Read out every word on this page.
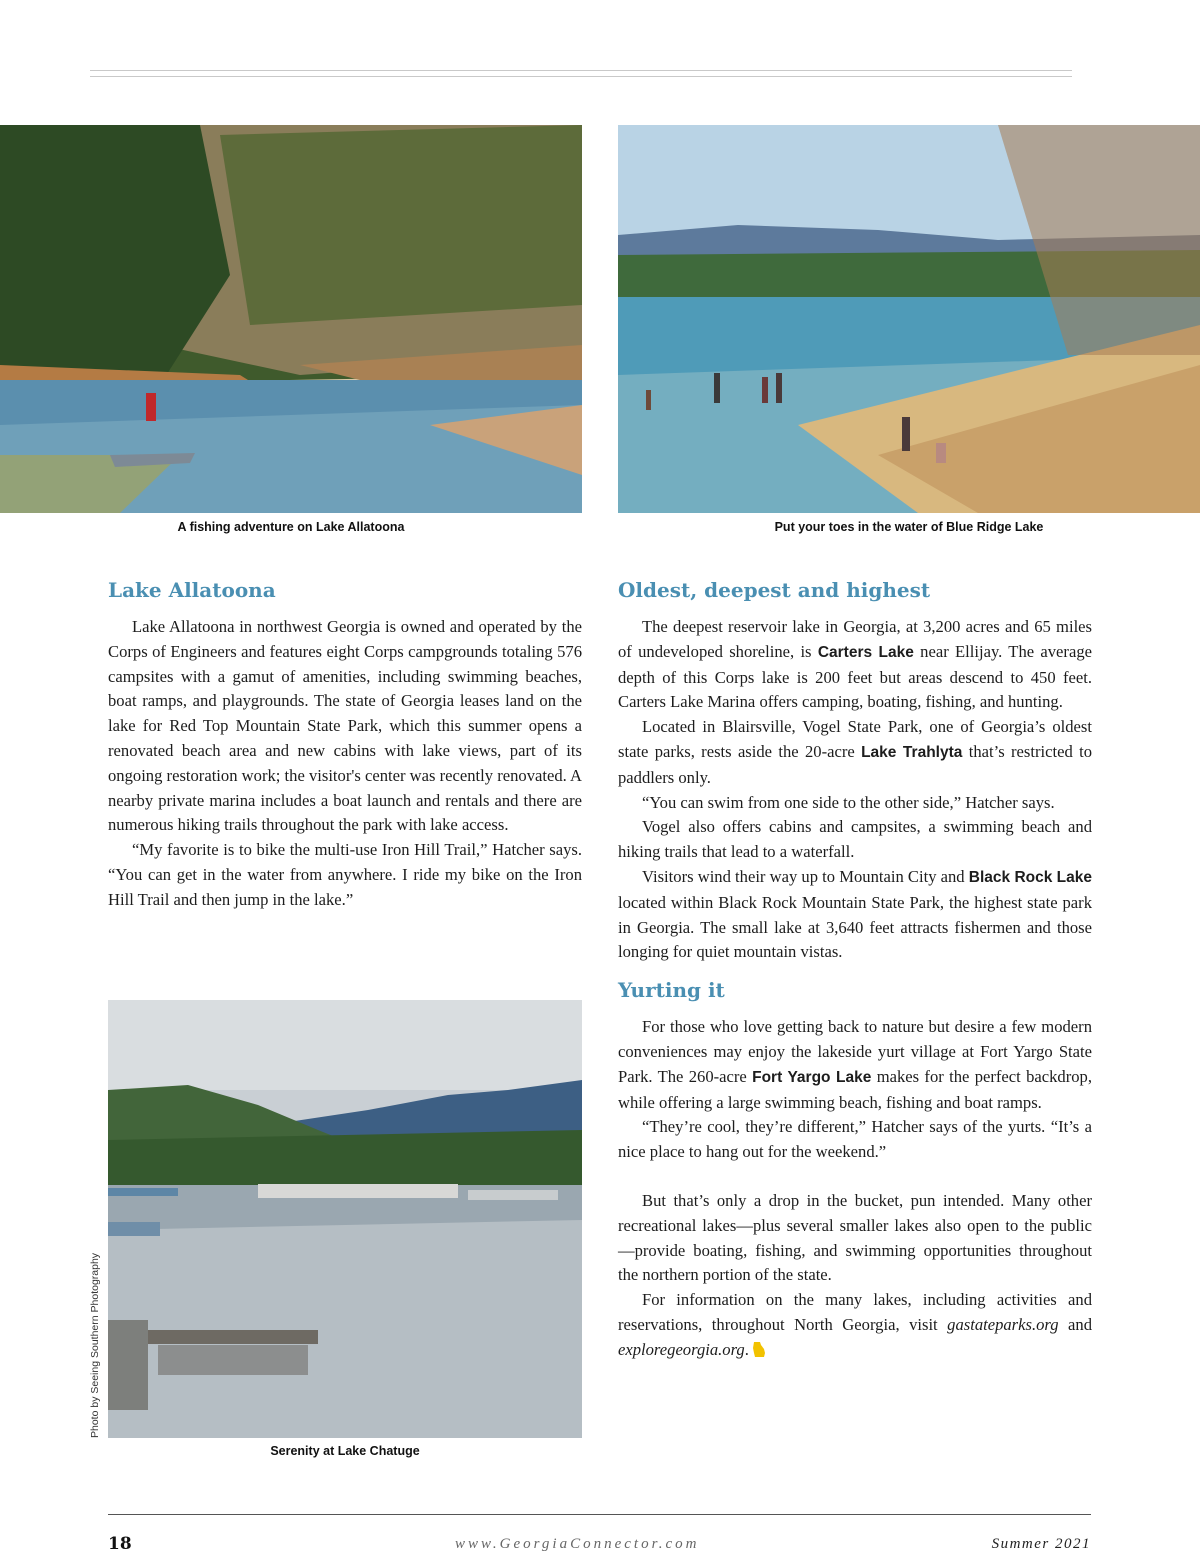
A fishing adventure on Lake Allatoona	Put your toes in the water of Blue Ridge Lake
Lake Allatoona

Lake Allatoona in northwest Georgia is owned and operated by the Corps of Engineers and features eight Corps campgrounds totaling 576 campsites with a gamut of amenities, including swimming beaches, boat ramps, and playgrounds. The state of Georgia leases land on the lake for Red Top Mountain State Park, which this summer opens a renovated beach area and new cabins with lake views, part of its ongoing restoration work; the visitor's center was recently renovated. A nearby private marina includes a boat launch and rentals and there are numerous hiking trails throughout the park with lake access.

“My favorite is to bike the multi-use Iron Hill Trail,” Hatcher says. “You can get in the water from anywhere. I ride my bike on the Iron Hill Trail and then jump in the lake.”

Photo by Seeing Southern Photography
Serenity at Lake Chatuge
Oldest, deepest and highest

The deepest reservoir lake in Georgia, at 3,200 acres and 65 miles of undeveloped shoreline, is Carters Lake near Ellijay. The average depth of this Corps lake is 200 feet but areas descend to 450 feet. Carters Lake Marina offers camping, boating, fishing, and hunting.

Located in Blairsville, Vogel State Park, one of Georgia’s oldest state parks, rests aside the 20-acre Lake Trahlyta that’s restricted to paddlers only.

“You can swim from one side to the other side,” Hatcher says.

Vogel also offers cabins and campsites, a swimming beach and hiking trails that lead to a waterfall.

Visitors wind their way up to Mountain City and Black Rock Lake located within Black Rock Mountain State Park, the highest state park in Georgia. The small lake at 3,640 feet attracts fishermen and those longing for quiet mountain vistas.

Yurting it

For those who love getting back to nature but desire a few modern conveniences may enjoy the lakeside yurt village at Fort Yargo State Park. The 260-acre Fort Yargo Lake makes for the perfect backdrop, while offering a large swimming beach, fishing and boat ramps.

“They’re cool, they’re different,” Hatcher says of the yurts. “It’s a nice place to hang out for the weekend.”

But that’s only a drop in the bucket, pun intended. Many other recreational lakes—plus several smaller lakes also open to the public—provide boating, fishing, and swimming opportunities throughout the northern portion of the state.

For information on the many lakes, including activities and reservations, throughout North Georgia, visit gastateparks.org and exploregeorgia.org.

18	www.GeorgiaConnector.com	Summer 2021
